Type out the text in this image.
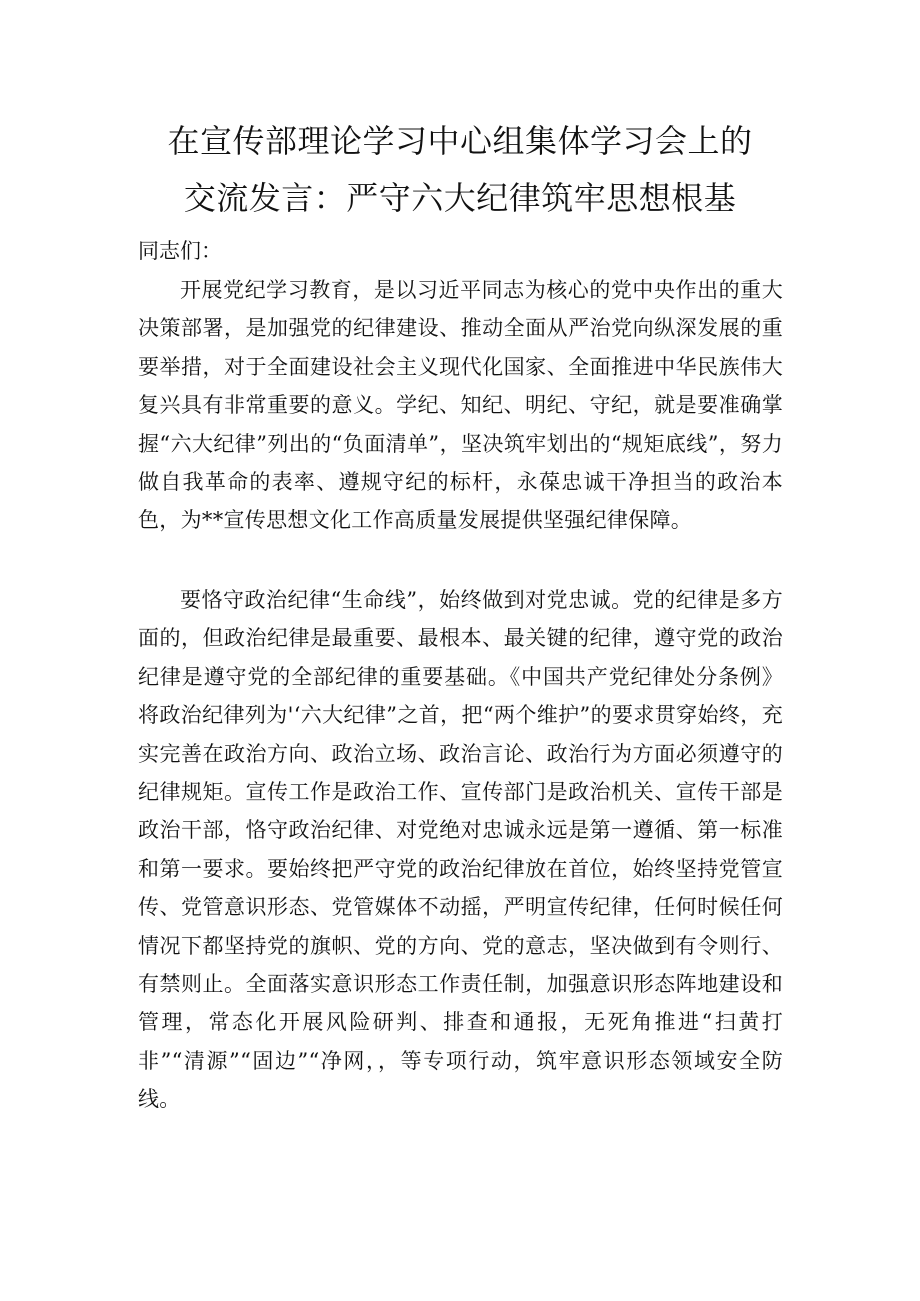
在宣传部理论学习中心组集体学习会上的
交流发言：严守六大纪律筑牢思想根基
同志们：

开展党纪学习教育，是以习近平同志为核心的党中央作出的重大决策部署，是加强党的纪律建设、推动全面从严治党向纵深发展的重要举措，对于全面建设社会主义现代化国家、全面推进中华民族伟大复兴具有非常重要的意义。学纪、知纪、明纪、守纪，就是要准确掌握“六大纪律”列出的“负面清单”，坚决筑牢划出的“规矩底线”，努力做自我革命的表率、遵规守纪的标杆，永葆忠诚干净担当的政治本色，为**宣传思想文化工作高质量发展提供坚强纪律保障。

要恪守政治纪律“生命线”，始终做到对党忠诚。党的纪律是多方面的，但政治纪律是最重要、最根本、最关键的纪律，遵守党的政治纪律是遵守党的全部纪律的重要基础。《中国共产党纪律处分条例》将政治纪律列为'‘六大纪律”之首，把“两个维护”的要求贯穿始终，充实完善在政治方向、政治立场、政治言论、政治行为方面必须遵守的纪律规矩。宣传工作是政治工作、宣传部门是政治机关、宣传干部是政治干部，恪守政治纪律、对党绝对忠诚永远是第一遵循、第一标准和第一要求。要始终把严守党的政治纪律放在首位，始终坚持党管宣传、党管意识形态、党管媒体不动摇，严明宣传纪律，任何时候任何情况下都坚持党的旗帜、党的方向、党的意志，坚决做到有令则行、有禁则止。全面落实意识形态工作责任制，加强意识形态阵地建设和管理，常态化开展风险研判、排查和通报，无死角推进“扫黄打非”“清源”“固边”“净网，，等专项行动，筑牢意识形态领域安全防线。
